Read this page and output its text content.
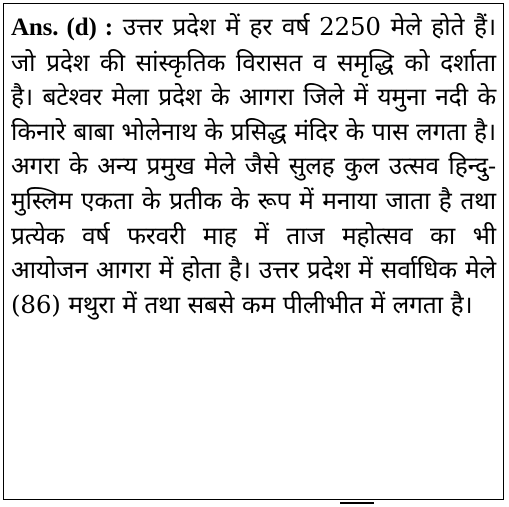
Ans. (d) : उत्तर प्रदेश में हर वर्ष 2250 मेले होते हैं। जो प्रदेश की सांस्कृतिक विरासत व समृद्धि को दर्शाता है। बटेश्वर मेला प्रदेश के आगरा जिले में यमुना नदी के किनारे बाबा भोलेनाथ के प्रसिद्ध मंदिर के पास लगता है। अगरा के अन्य प्रमुख मेले जैसे सुलह कुल उत्सव हिन्दु-मुस्लिम एकता के प्रतीक के रूप में मनाया जाता है तथा प्रत्येक वर्ष फरवरी माह में ताज महोत्सव का भी आयोजन आगरा में होता है। उत्तर प्रदेश में सर्वाधिक मेले (86) मथुरा में तथा सबसे कम पीलीभीत में लगता है।
